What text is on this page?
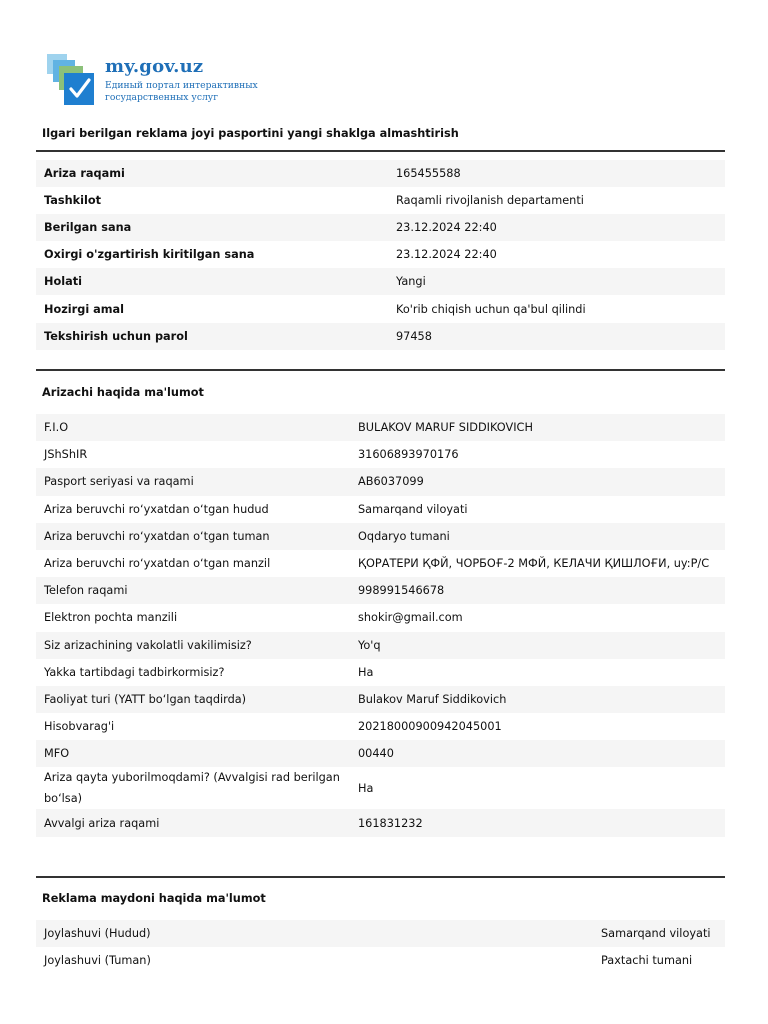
my.gov.uz
Единый портал интерактивных государственных услуг
Ilgari berilgan reklama joyi pasportini yangi shaklga almashtirish
Ariza raqami	165455588
Tashkilot	Raqamli rivojlanish departamenti
Berilgan sana	23.12.2024 22:40
Oxirgi o'zgartirish kiritilgan sana	23.12.2024 22:40
Holati	Yangi
Hozirgi amal	Ko'rib chiqish uchun qa'bul qilindi
Tekshirish uchun parol	97458
Arizachi haqida ma'lumot
F.I.O	BULAKOV MARUF SIDDIKOVICH
JShShIR	31606893970176
Pasport seriyasi va raqami	AB6037099
Ariza beruvchi ro‘yxatdan o‘tgan hudud	Samarqand viloyati
Ariza beruvchi ro‘yxatdan o‘tgan tuman	Oqdaryo tumani
Ariza beruvchi ro‘yxatdan o‘tgan manzil	ҚОРАТЕРИ ҚФЙ, ЧОРБОҒ-2 МФЙ, КЕЛАЧИ ҚИШЛОҒИ, uy:P/C
Telefon raqami	998991546678
Elektron pochta manzili	shokir@gmail.com
Siz arizachining vakolatli vakilimisiz?	Yo'q
Yakka tartibdagi tadbirkormisiz?	Ha
Faoliyat turi (YATT bo‘lgan taqdirda)	Bulakov Maruf Siddikovich
Hisobvarag'i	20218000900942045001
MFO	00440
Ariza qayta yuborilmoqdami? (Avvalgisi rad berilgan bo‘lsa)	Ha
Avvalgi ariza raqami	161831232
Reklama maydoni haqida ma'lumot
Joylashuvi (Hudud)	Samarqand viloyati
Joylashuvi (Tuman)	Paxtachi tumani
